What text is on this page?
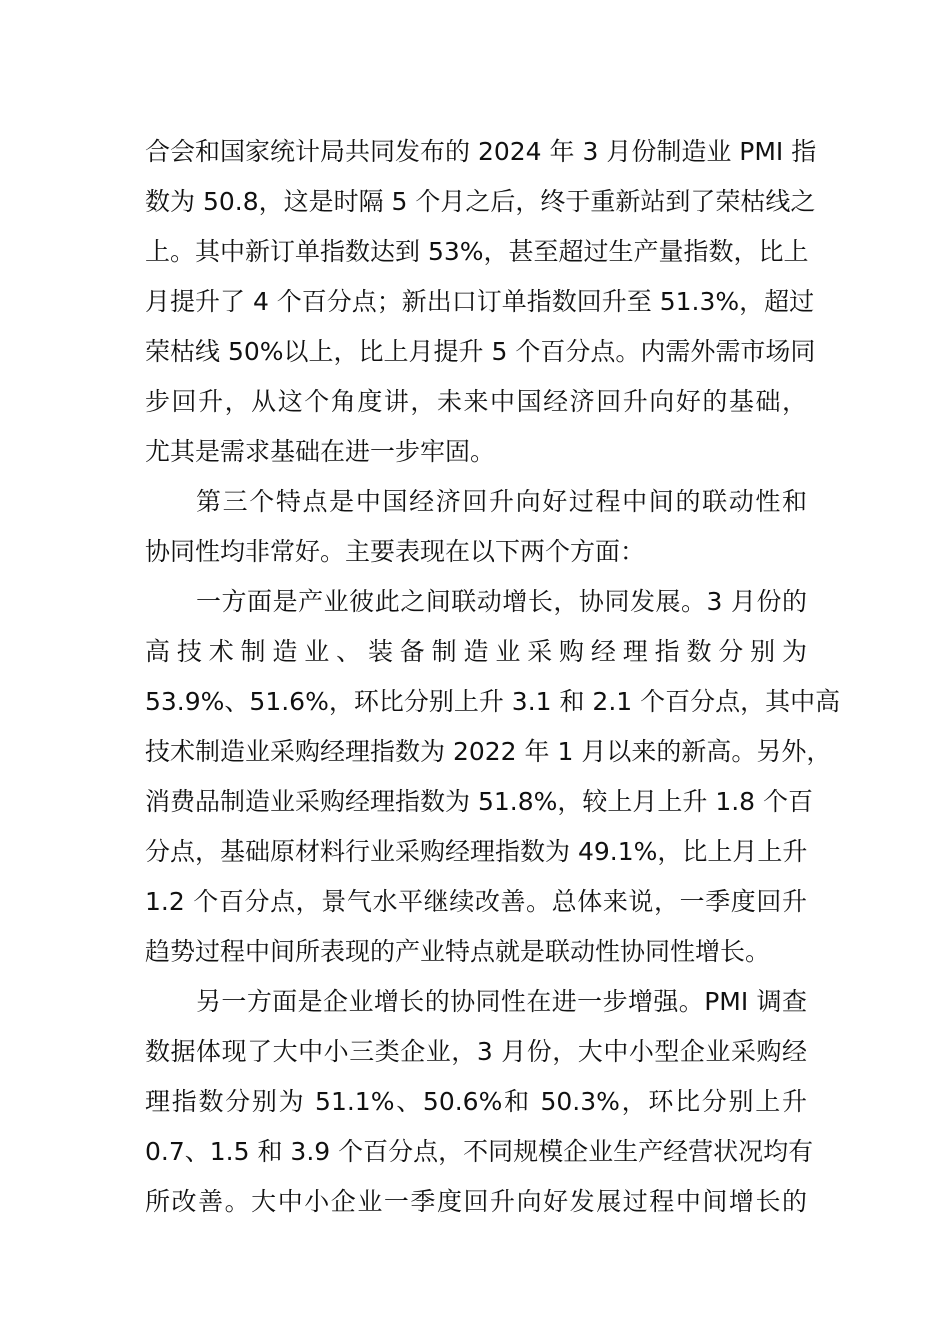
合会和国家统计局共同发布的 2024 年 3 月份制造业 PMI 指
数为 50.8，这是时隔 5 个月之后，终于重新站到了荣枯线之
上。其中新订单指数达到 53%，甚至超过生产量指数，比上
月提升了 4 个百分点；新出口订单指数回升至 51.3%，超过
荣枯线 50%以上，比上月提升 5 个百分点。内需外需市场同
步回升，从这个角度讲，未来中国经济回升向好的基础，
尤其是需求基础在进一步牢固。
第三个特点是中国经济回升向好过程中间的联动性和
协同性均非常好。主要表现在以下两个方面：
一方面是产业彼此之间联动增长，协同发展。3 月份的
高技术制造业、装备制造业采购经理指数分别为
53.9%、51.6%，环比分别上升 3.1 和 2.1 个百分点，其中高
技术制造业采购经理指数为 2022 年 1 月以来的新高。另外，
消费品制造业采购经理指数为 51.8%，较上月上升 1.8 个百
分点，基础原材料行业采购经理指数为 49.1%，比上月上升
1.2 个百分点，景气水平继续改善。总体来说，一季度回升
趋势过程中间所表现的产业特点就是联动性协同性增长。
另一方面是企业增长的协同性在进一步增强。PMI 调查
数据体现了大中小三类企业，3 月份，大中小型企业采购经
理指数分别为 51.1%、50.6%和 50.3%，环比分别上升
0.7、1.5 和 3.9 个百分点，不同规模企业生产经营状况均有
所改善。大中小企业一季度回升向好发展过程中间增长的
